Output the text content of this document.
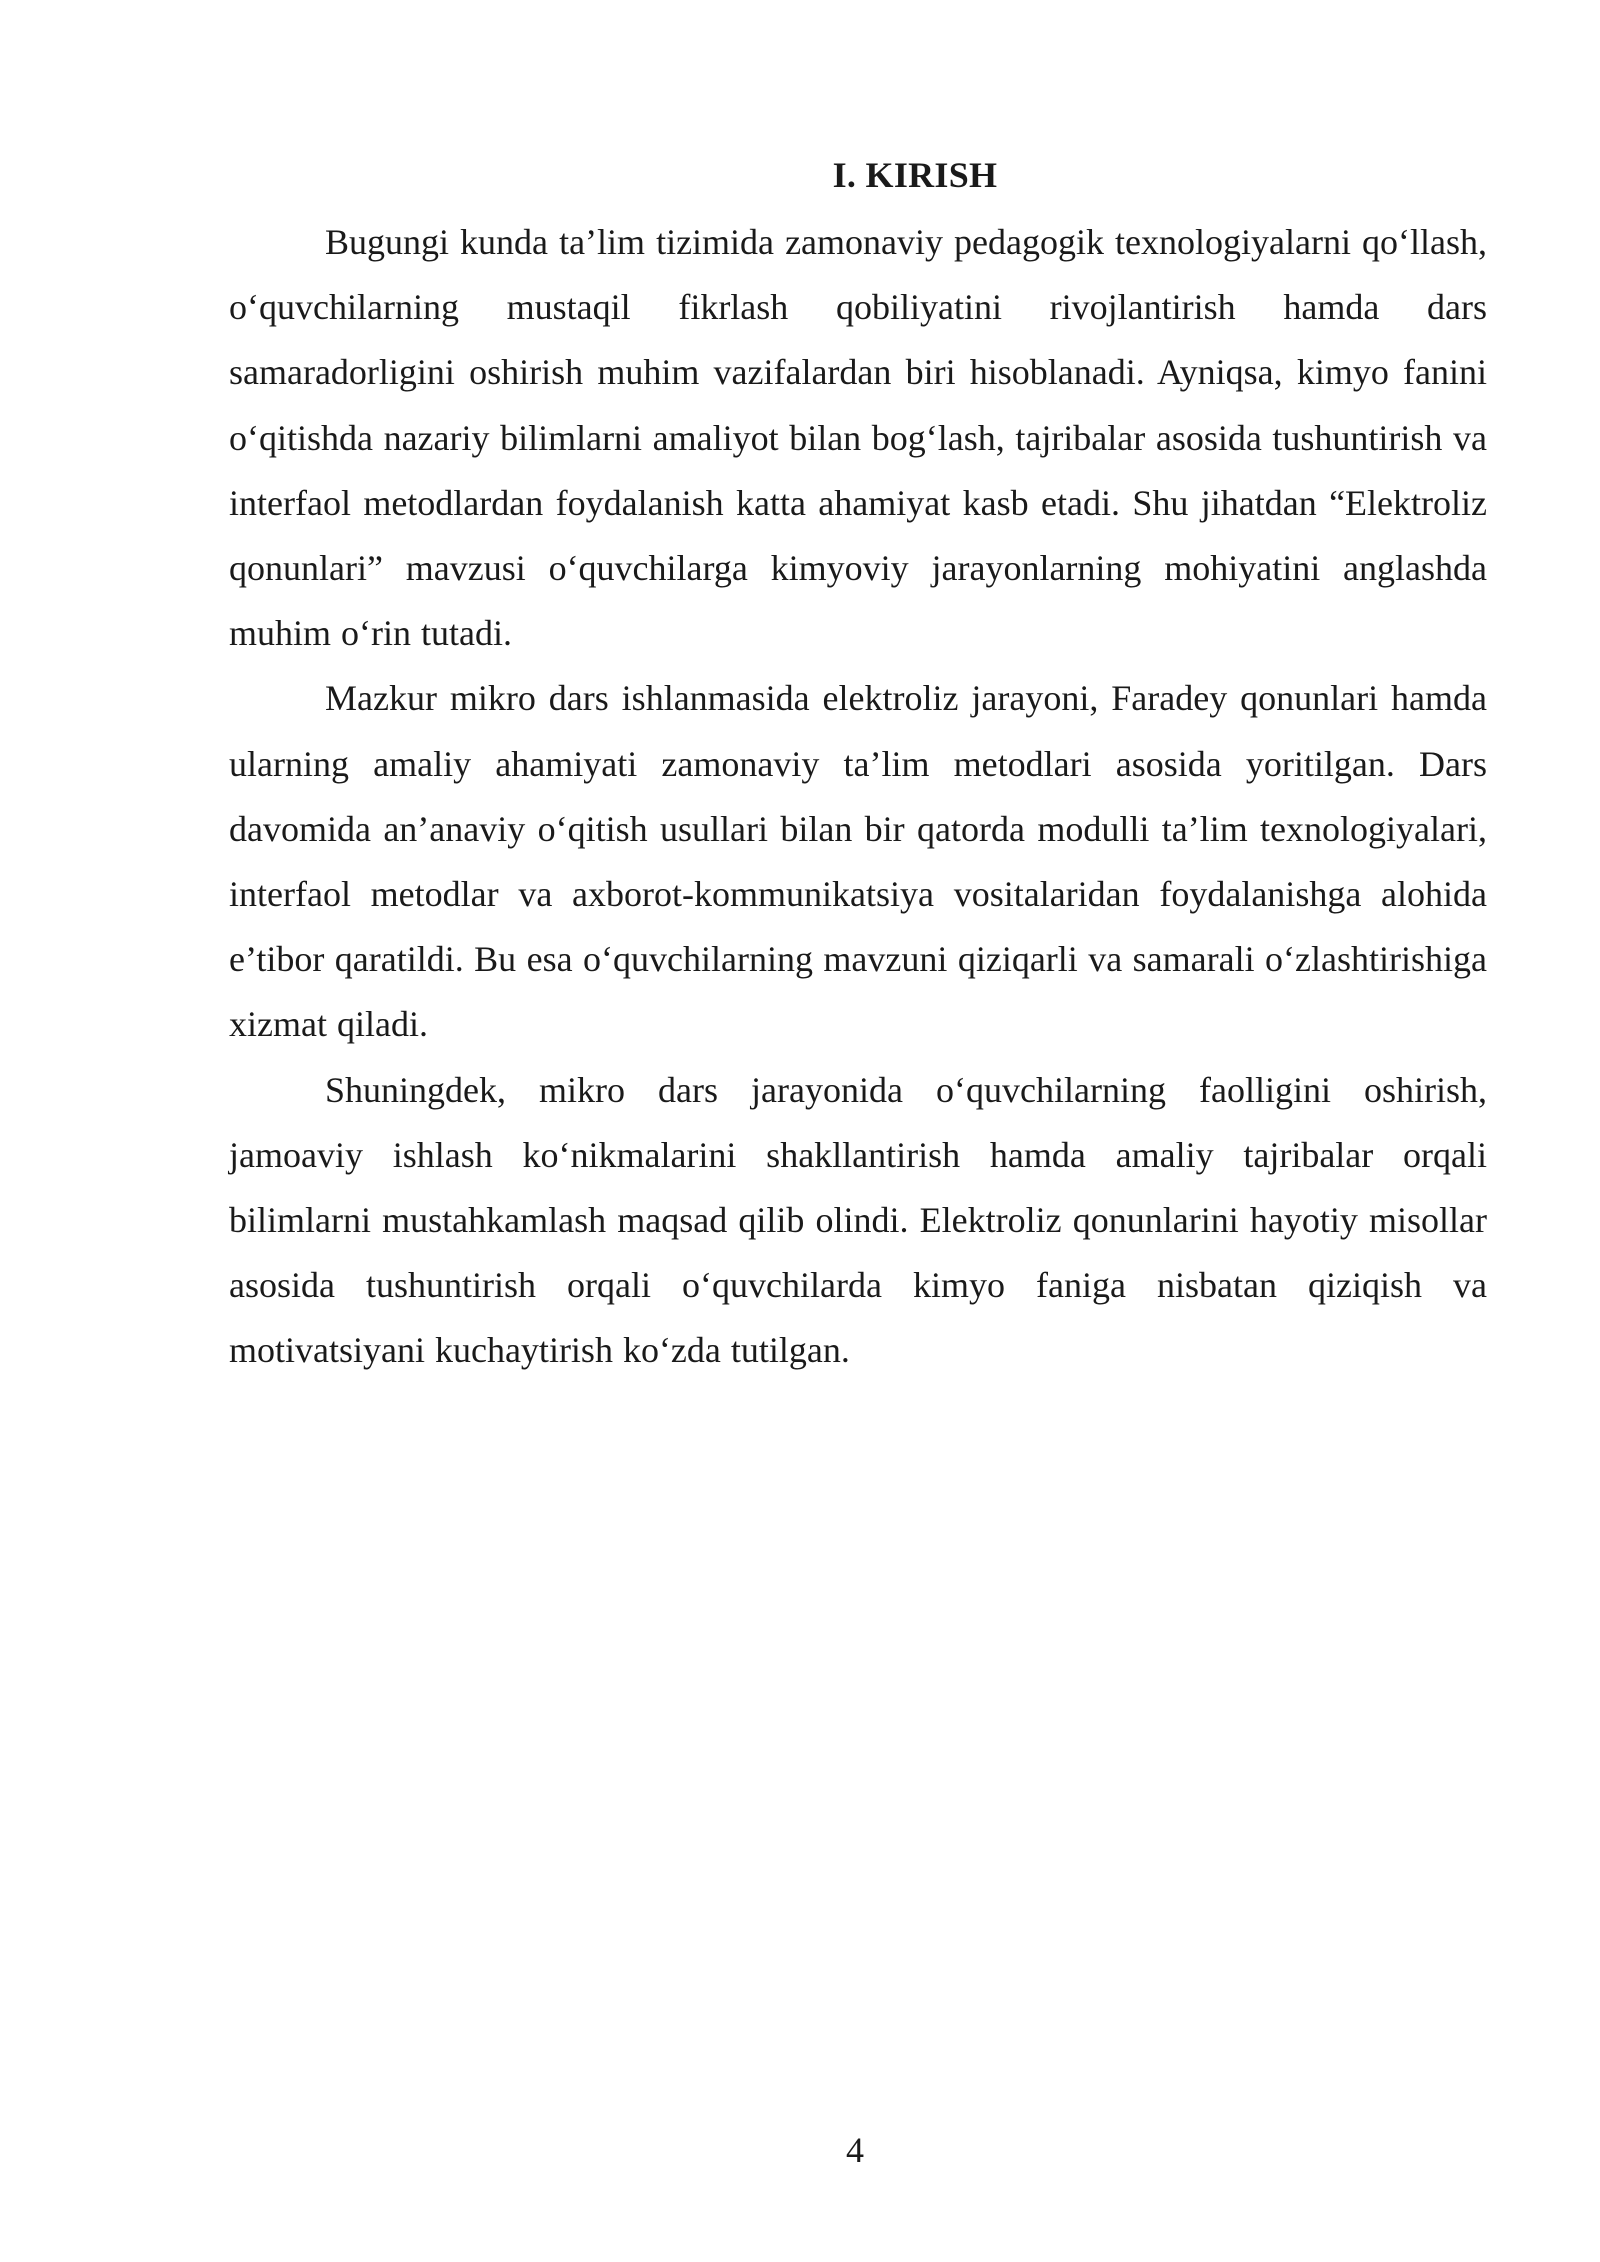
I. KIRISH

Bugungi kunda ta’lim tizimida zamonaviy pedagogik texnologiyalarni qo‘llash, o‘quvchilarning mustaqil fikrlash qobiliyatini rivojlantirish hamda dars samaradorligini oshirish muhim vazifalardan biri hisoblanadi. Ayniqsa, kimyo fanini o‘qitishda nazariy bilimlarni amaliyot bilan bog‘lash, tajribalar asosida tushuntirish va interfaol metodlardan foydalanish katta ahamiyat kasb etadi. Shu jihatdan “Elektroliz qonunlari” mavzusi o‘quvchilarga kimyoviy jarayonlarning mohiyatini anglashda muhim o‘rin tutadi.

Mazkur mikro dars ishlanmasida elektroliz jarayoni, Faradey qonunlari hamda ularning amaliy ahamiyati zamonaviy ta’lim metodlari asosida yoritilgan. Dars davomida an’anaviy o‘qitish usullari bilan bir qatorda modulli ta’lim texnologiyalari, interfaol metodlar va axborot-kommunikatsiya vositalaridan foydalanishga alohida e’tibor qaratildi. Bu esa o‘quvchilarning mavzuni qiziqarli va samarali o‘zlashtirishiga xizmat qiladi.

Shuningdek, mikro dars jarayonida o‘quvchilarning faolligini oshirish, jamoaviy ishlash ko‘nikmalarini shakllantirish hamda amaliy tajribalar orqali bilimlarni mustahkamlash maqsad qilib olindi. Elektroliz qonunlarini hayotiy misollar asosida tushuntirish orqali o‘quvchilarda kimyo faniga nisbatan qiziqish va motivatsiyani kuchaytirish ko‘zda tutilgan.

4
